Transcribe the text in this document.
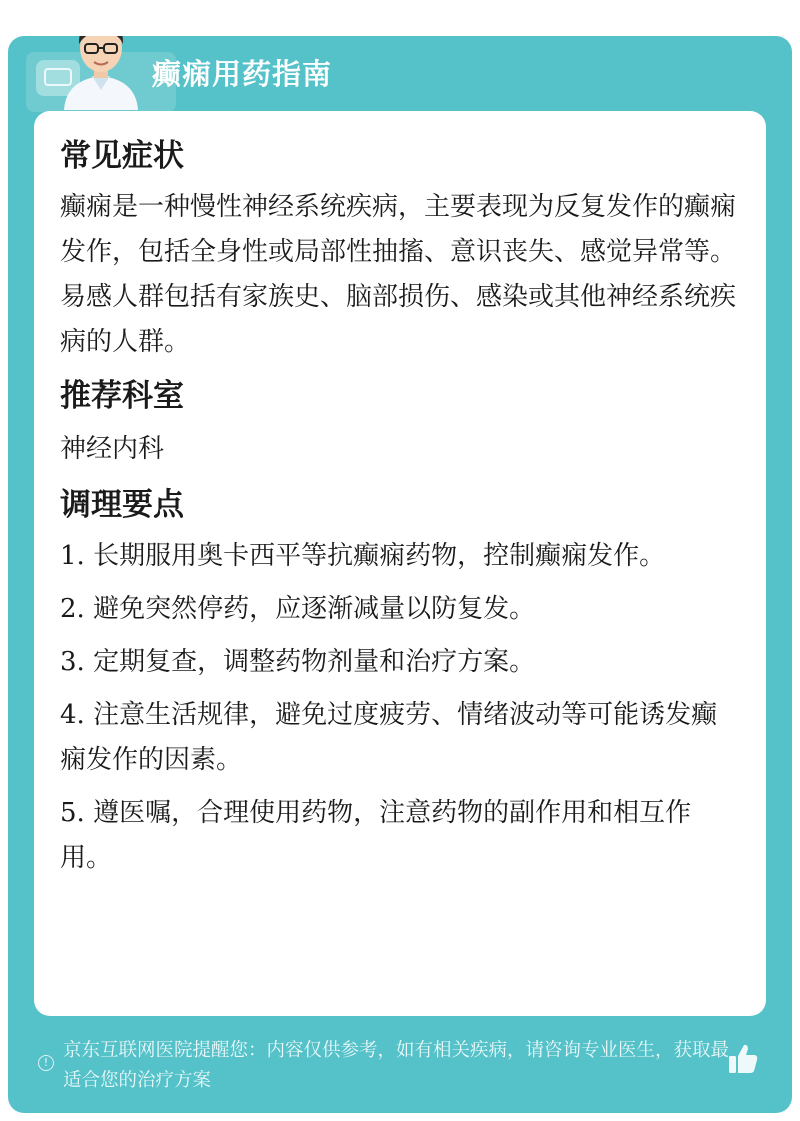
癫痫用药指南
常见症状

癫痫是一种慢性神经系统疾病，主要表现为反复发作的癫痫发作，包括全身性或局部性抽搐、意识丧失、感觉异常等。易感人群包括有家族史、脑部损伤、感染或其他神经系统疾病的人群。

推荐科室

神经内科

调理要点

1. 长期服用奥卡西平等抗癫痫药物，控制癫痫发作。

2. 避免突然停药，应逐渐减量以防复发。

3. 定期复查，调整药物剂量和治疗方案。

4. 注意生活规律，避免过度疲劳、情绪波动等可能诱发癫痫发作的因素。

5. 遵医嘱，合理使用药物，注意药物的副作用和相互作用。

!
京东互联网医院提醒您：内容仅供参考，如有相关疾病，请咨询专业医生，获取最适合您的治疗方案
